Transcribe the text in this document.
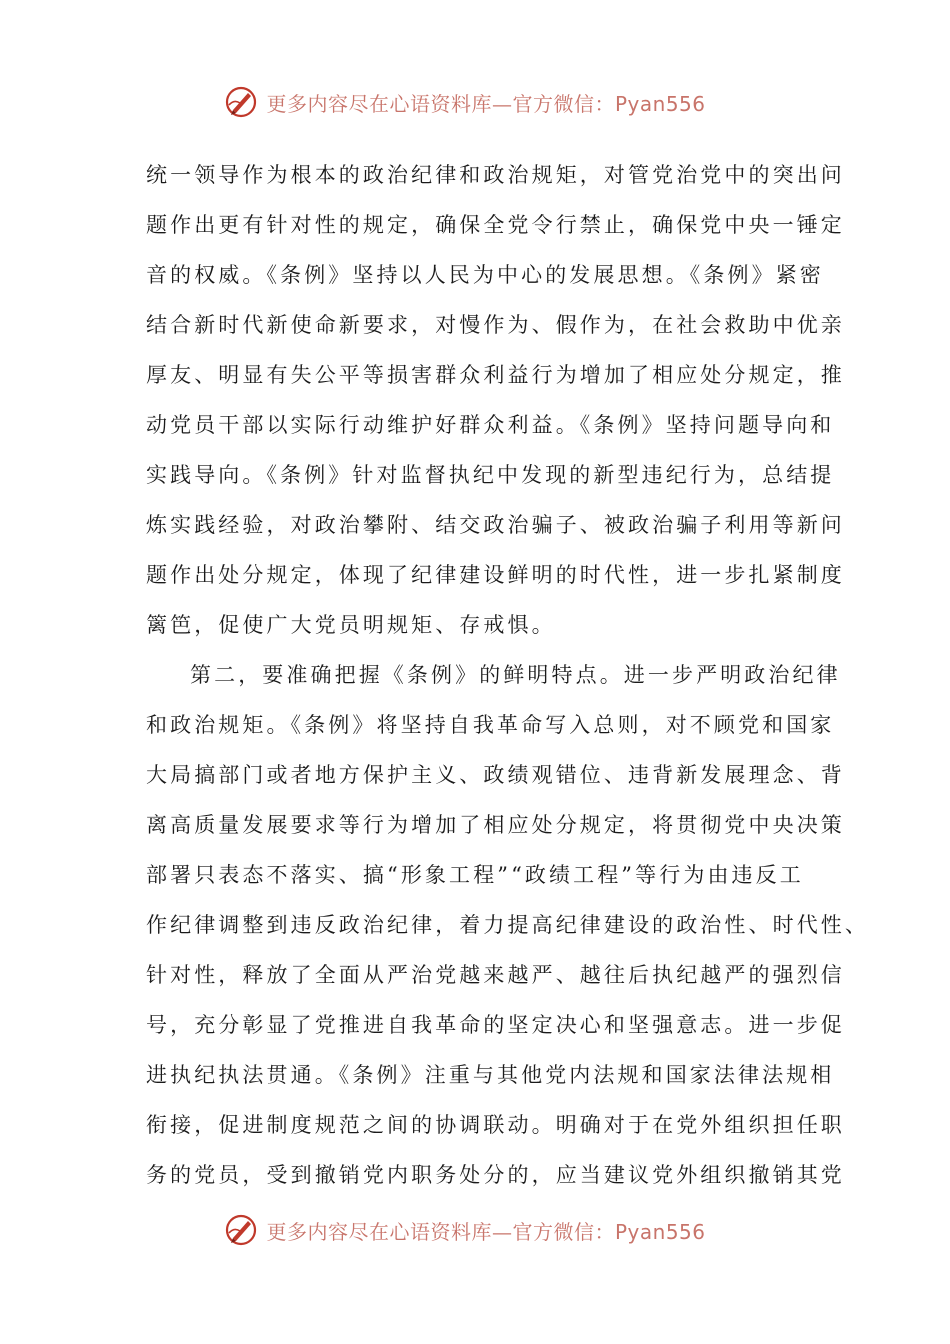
更多内容尽在心语资料库—官方微信：Pyan556
统一领导作为根本的政治纪律和政治规矩，对管党治党中的突出问
题作出更有针对性的规定，确保全党令行禁止，确保党中央一锤定
音的权威。《条例》坚持以人民为中心的发展思想。《条例》紧密
结合新时代新使命新要求，对慢作为、假作为，在社会救助中优亲
厚友、明显有失公平等损害群众利益行为增加了相应处分规定，推
动党员干部以实际行动维护好群众利益。《条例》坚持问题导向和
实践导向。《条例》针对监督执纪中发现的新型违纪行为，总结提
炼实践经验，对政治攀附、结交政治骗子、被政治骗子利用等新问
题作出处分规定，体现了纪律建设鲜明的时代性，进一步扎紧制度
篱笆，促使广大党员明规矩、存戒惧。
第二，要准确把握《条例》的鲜明特点。进一步严明政治纪律
和政治规矩。《条例》将坚持自我革命写入总则，对不顾党和国家
大局搞部门或者地方保护主义、政绩观错位、违背新发展理念、背
离高质量发展要求等行为增加了相应处分规定，将贯彻党中央决策
部署只表态不落实、搞“形象工程”“政绩工程”等行为由违反工
作纪律调整到违反政治纪律，着力提高纪律建设的政治性、时代性、
针对性，释放了全面从严治党越来越严、越往后执纪越严的强烈信
号，充分彰显了党推进自我革命的坚定决心和坚强意志。进一步促
进执纪执法贯通。《条例》注重与其他党内法规和国家法律法规相
衔接，促进制度规范之间的协调联动。明确对于在党外组织担任职
务的党员，受到撤销党内职务处分的，应当建议党外组织撤销其党
更多内容尽在心语资料库—官方微信：Pyan556
